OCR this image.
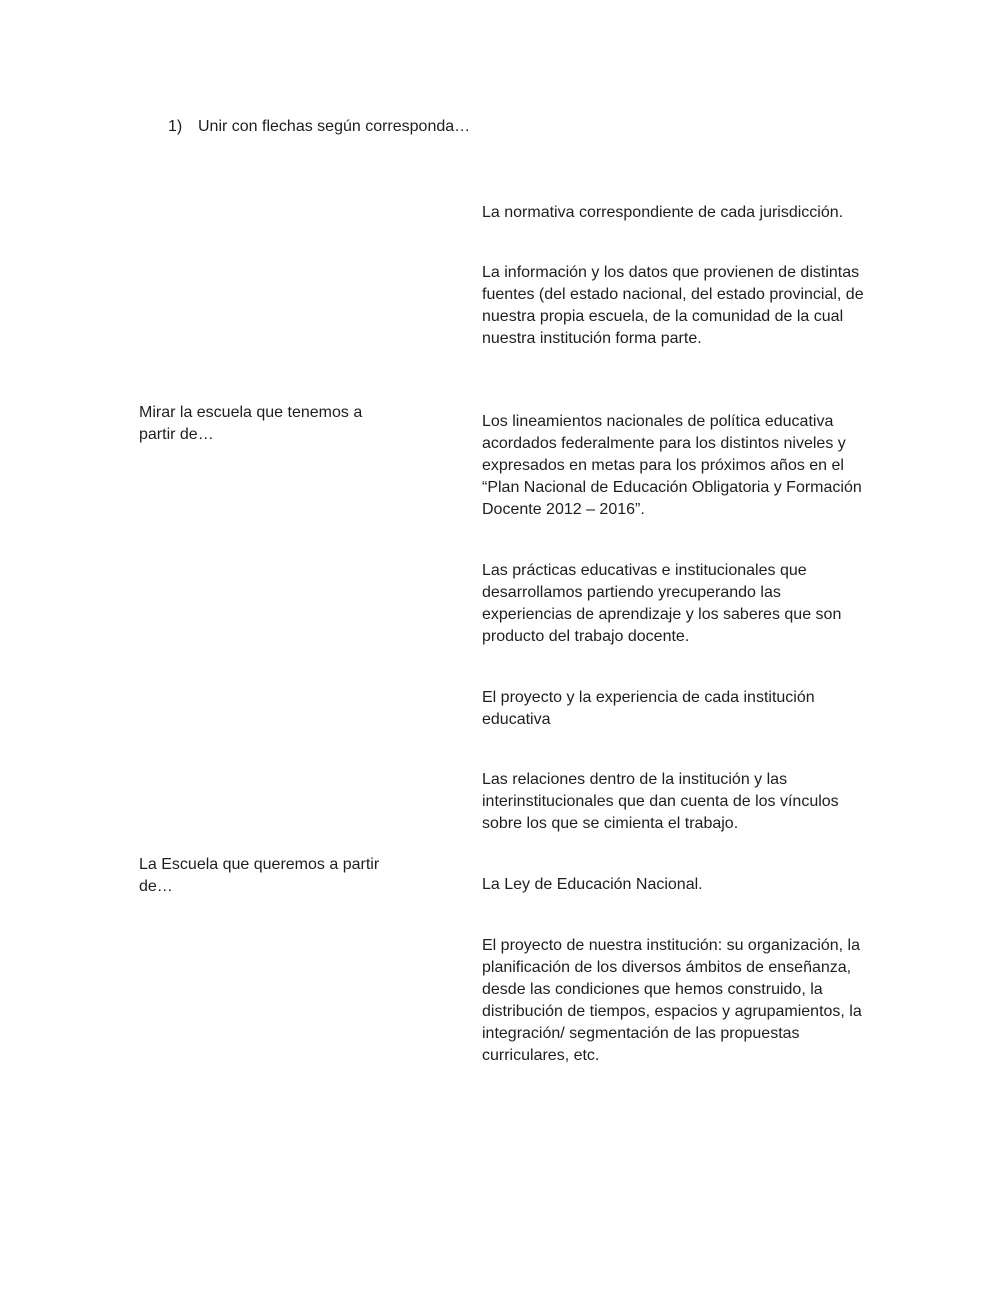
1) Unir con flechas según corresponda…

Mirar la escuela que tenemos a partir de…

La Escuela que queremos a partir de…

La normativa correspondiente de cada jurisdicción.

La información y los datos que provienen de distintas fuentes (del estado nacional, del estado provincial, de nuestra propia escuela, de la comunidad de la cual nuestra institución forma parte.

Los lineamientos nacionales de política educativa acordados federalmente para los distintos niveles y expresados en metas para los próximos años en el “Plan Nacional de Educación Obligatoria y Formación Docente 2012 – 2016”.

Las prácticas educativas e institucionales que desarrollamos partiendo yrecuperando las experiencias de aprendizaje y los saberes que son producto del trabajo docente.

El proyecto y la experiencia de cada institución educativa

Las relaciones dentro de la institución y las interinstitucionales que dan cuenta de los vínculos sobre los que se cimienta el trabajo.

La Ley de Educación Nacional.

El proyecto de nuestra institución: su organización, la planificación de los diversos ámbitos de enseñanza, desde las condiciones que hemos construido, la distribución de tiempos, espacios y agrupamientos, la integración/ segmentación de las propuestas curriculares, etc.
